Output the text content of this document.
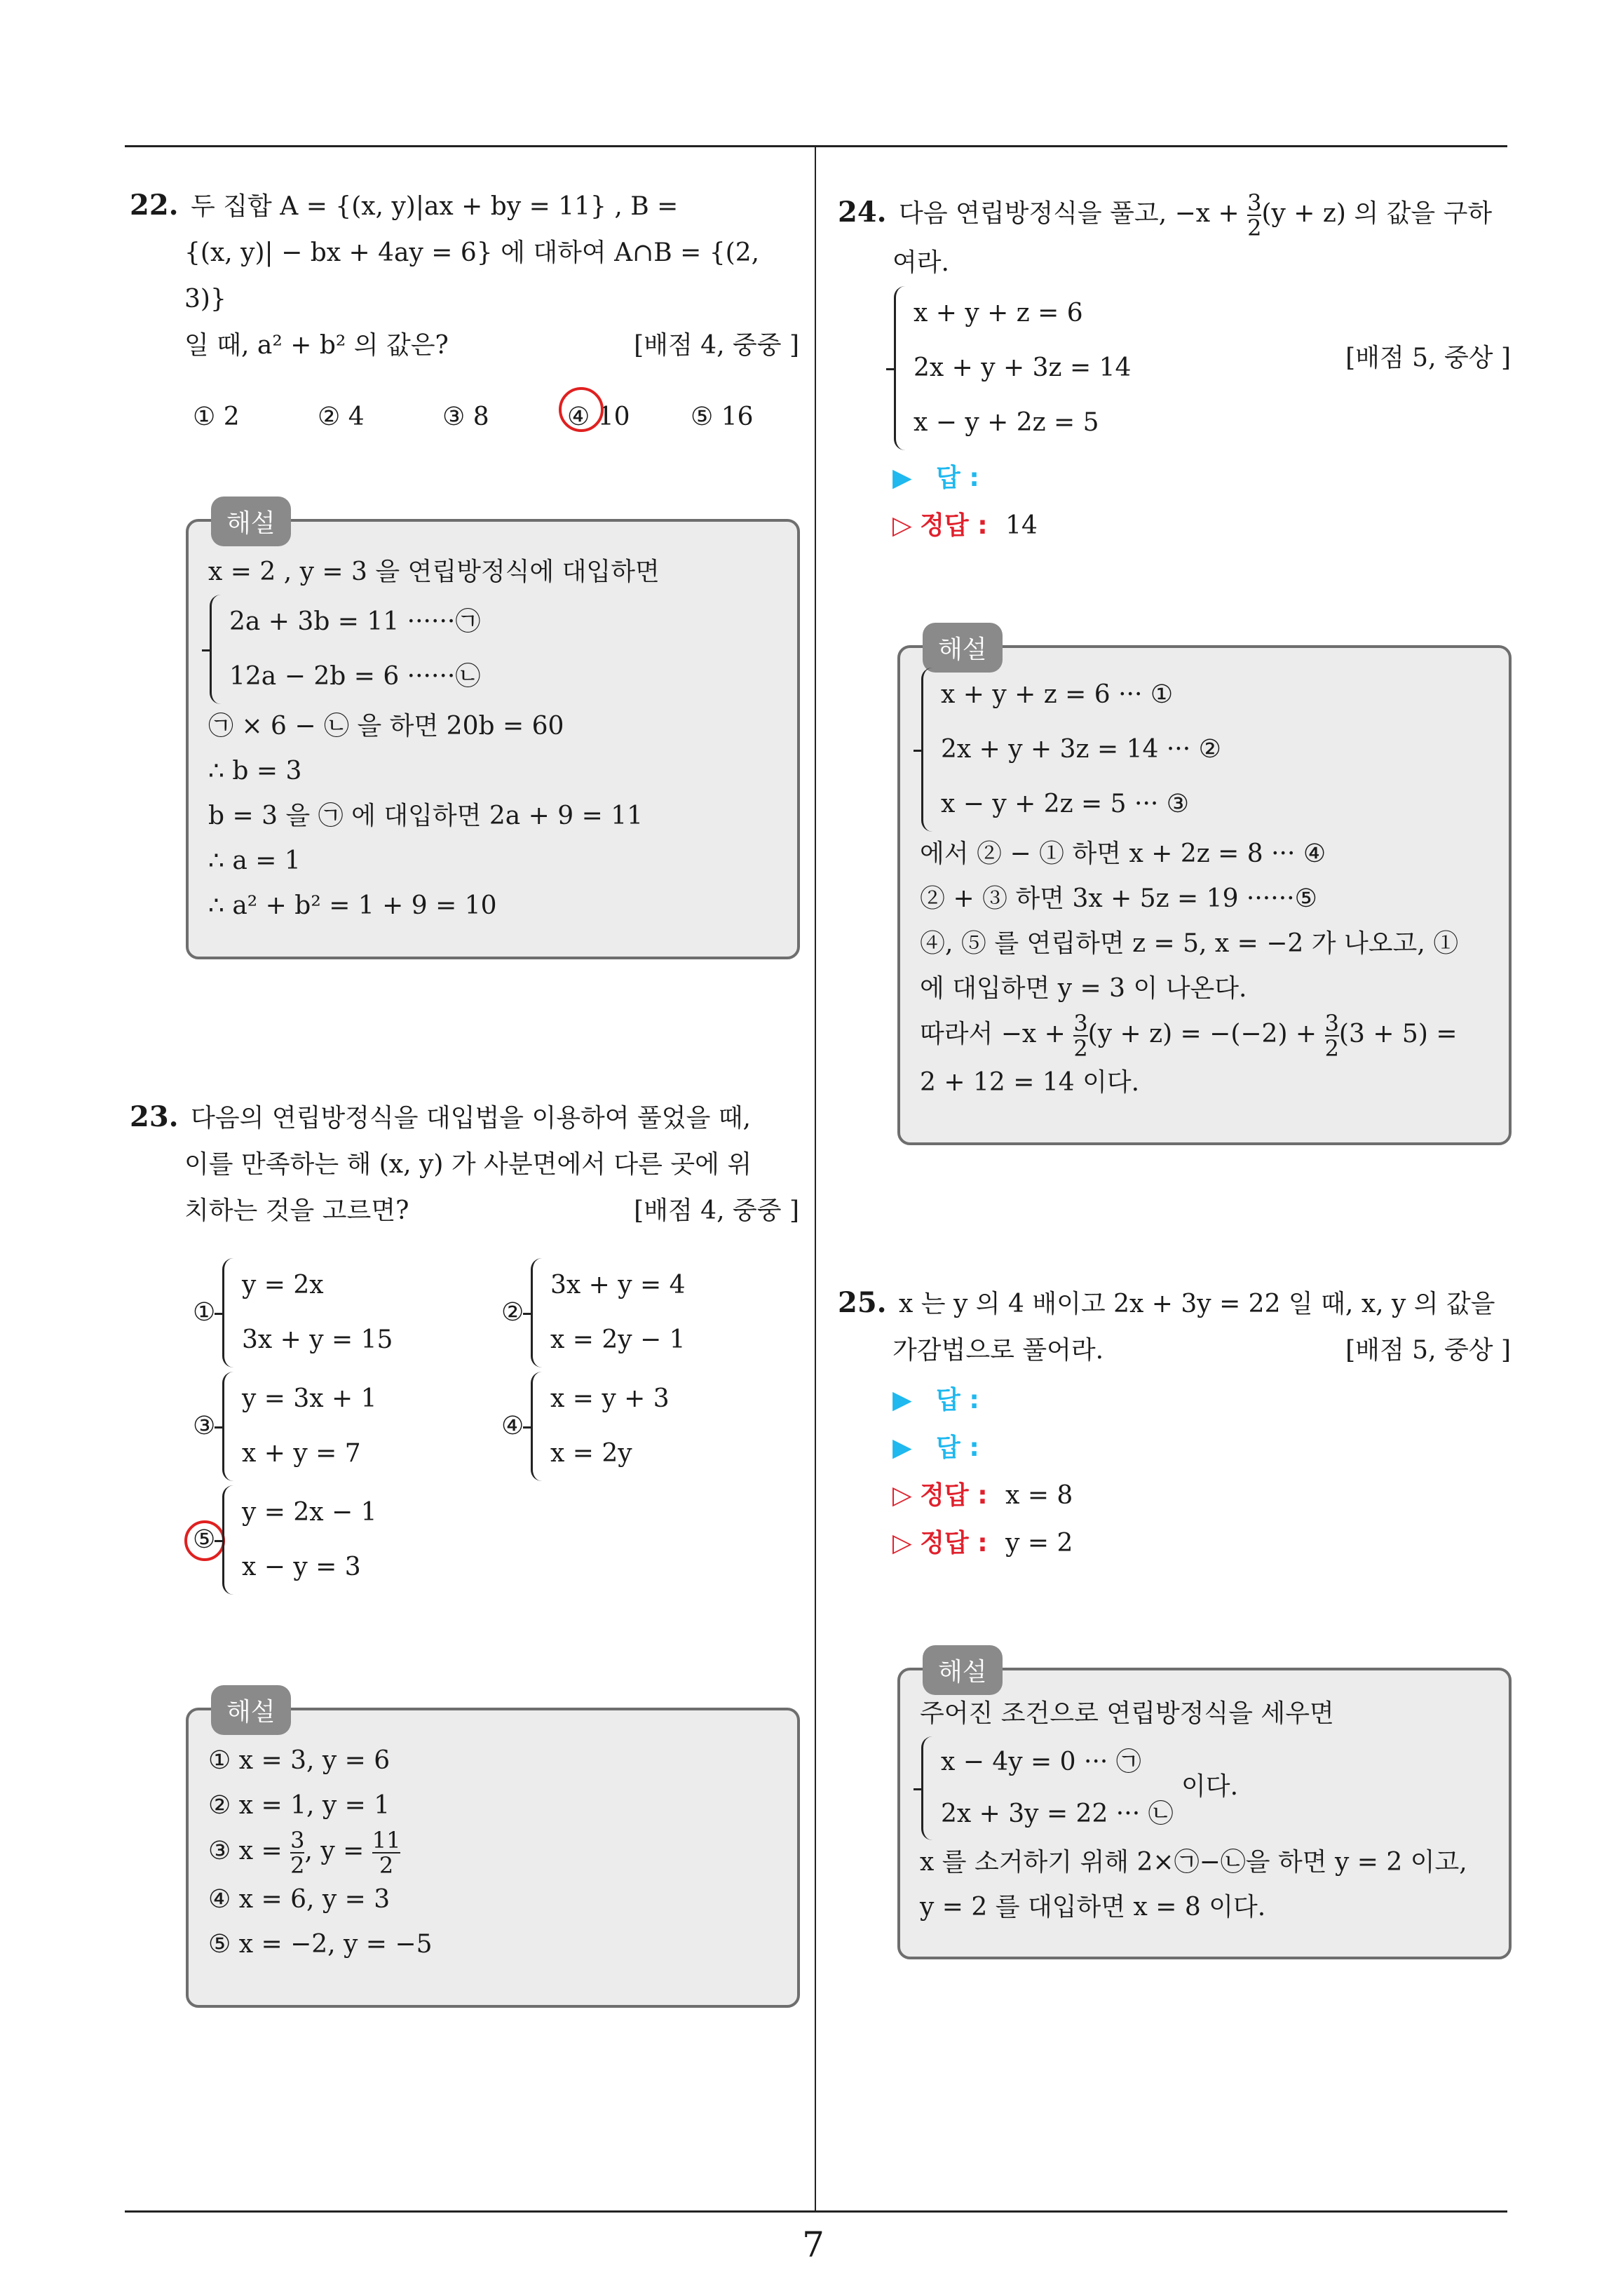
7
22. 두 집합 A = {(x, y)|ax + by = 11} , B =
{(x, y)| − bx + 4ay = 6} 에 대하여 A∩B = {(2, 3)}
일 때, a² + b² 의 값은?	[배점 4, 중중 ]
① 2	② 4	③ 8	④ 10 ⑤ 16
해설
x = 2 , y = 3 을 연립방정식에 대입하면
2a + 3b = 11 ······㉠
12a − 2b = 6 ······㉡
㉠ × 6 − ㉡ 을 하면 20b = 60
∴ b = 3
b = 3 을 ㉠ 에 대입하면 2a + 9 = 11
∴ a = 1
∴ a² + b² = 1 + 9 = 10
23. 다음의 연립방정식을 대입법을 이용하여 풀었을 때,
이를 만족하는 해 (x, y) 가 사분면에서 다른 곳에 위
치하는 것을 고르면?	[배점 4, 중중 ]
①
y = 2x
3x + y = 15
②
3x + y = 4
x = 2y − 1
③
y = 3x + 1
x + y = 7
④
x = y + 3
x = 2y
⑤
y = 2x − 1
x − y = 3
해설
① x = 3, y = 6
② x = 1, y = 1
③ $x = \frac{3}{2}$ , $y = \frac{11}{2}$
④ x = 6, y = 3
⑤ x = −2, y = −5
24. 다음 연립방정식을 풀고, $-x + \frac{3}{2} (y + z)$ 의 값을 구하
여라.
x + y + z = 6
2x + y + 3z = 14
x − y + 2z = 5
[배점 5, 중상 ]
▶ 답 :
▷ 정답 : 14
해설
x + y + z = 6 ··· ①
2x + y + 3z = 14 ··· ②
x − y + 2z = 5 ··· ③
에서 ② − ① 하면 x + 2z = 8 ··· ④
② + ③ 하면 3x + 5z = 19 ······⑤
④, ⑤ 를 연립하면 z = 5, x = −2 가 나오고, ①
에 대입하면 y = 3 이 나온다.
따라서 $-x + \frac{3}{2} (y + z) = -(-2) + \frac{3}{2} (3 + 5)$ =
2 + 12 = 14 이다.
25. x 는 y 의 4 배이고 2x + 3y = 22 일 때, x, y 의 값을
가감법으로 풀어라.	[배점 5, 중상 ]
▶ 답 :
▶ 답 :
▷ 정답 : x = 8
▷ 정답 : y = 2
해설
주어진 조건으로 연립방정식을 세우면
x − 4y = 0 ··· ㉠
2x + 3y = 22 ··· ㉡
이다.
x 를 소거하기 위해 2×㉠−㉡을 하면 y = 2 이고,
y = 2 를 대입하면 x = 8 이다.
